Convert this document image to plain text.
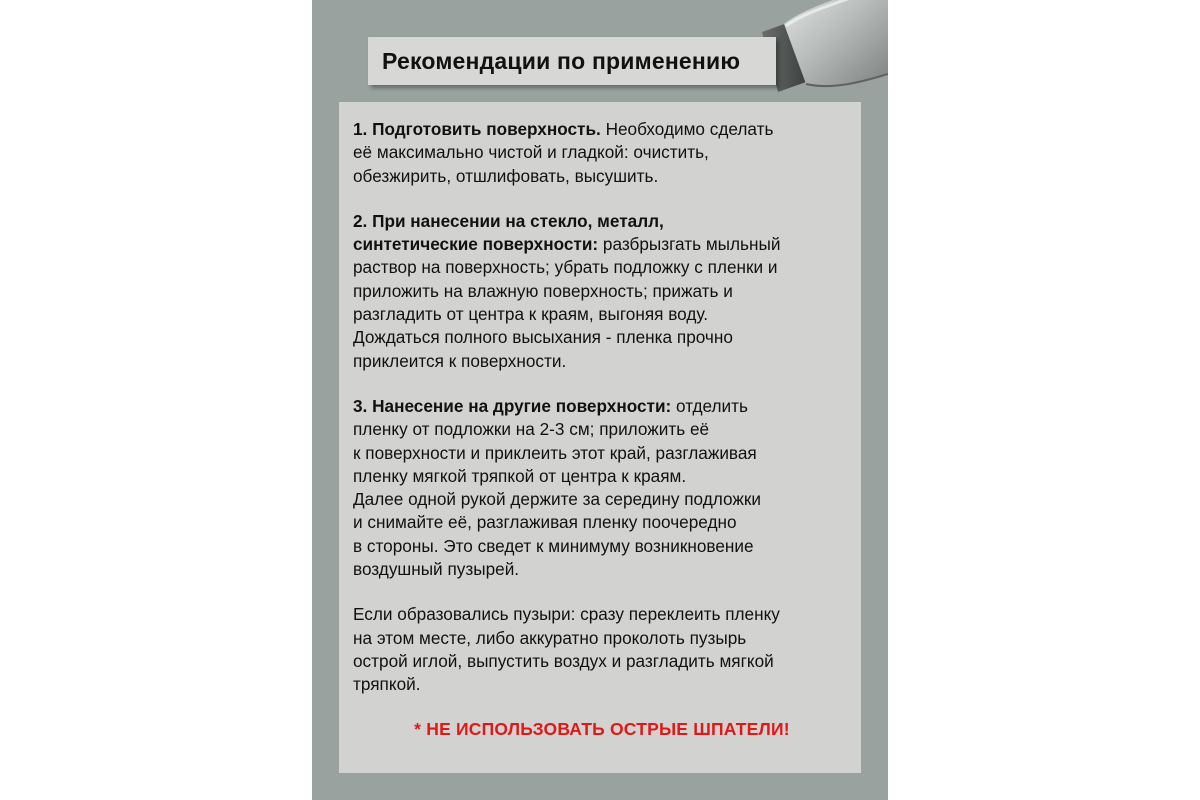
Рекомендации по применению
1. Подготовить поверхность. Необходимо сделать
её максимально чистой и гладкой: очистить,
обезжирить, отшлифовать, высушить.
2. При нанесении на стекло, металл,
синтетические поверхности: разбрызгать мыльный
раствор на поверхность; убрать подложку с пленки и
приложить на влажную поверхность; прижать и
разгладить от центра к краям, выгоняя воду.
Дождаться полного высыхания - пленка прочно
приклеится к поверхности.
3. Нанесение на другие поверхности: отделить
пленку от подложки на 2-3 см; приложить её
к поверхности и приклеить этот край, разглаживая
пленку мягкой тряпкой от центра к краям.
Далее одной рукой держите за середину подложки
и снимайте её, разглаживая пленку поочередно
в стороны. Это сведет к минимуму возникновение
воздушный пузырей.
Если образовались пузыри: сразу переклеить пленку
на этом месте, либо аккуратно проколоть пузырь
острой иглой, выпустить воздух и разгладить мягкой
тряпкой.
* НЕ ИСПОЛЬЗОВАТЬ ОСТРЫЕ ШПАТЕЛИ!
